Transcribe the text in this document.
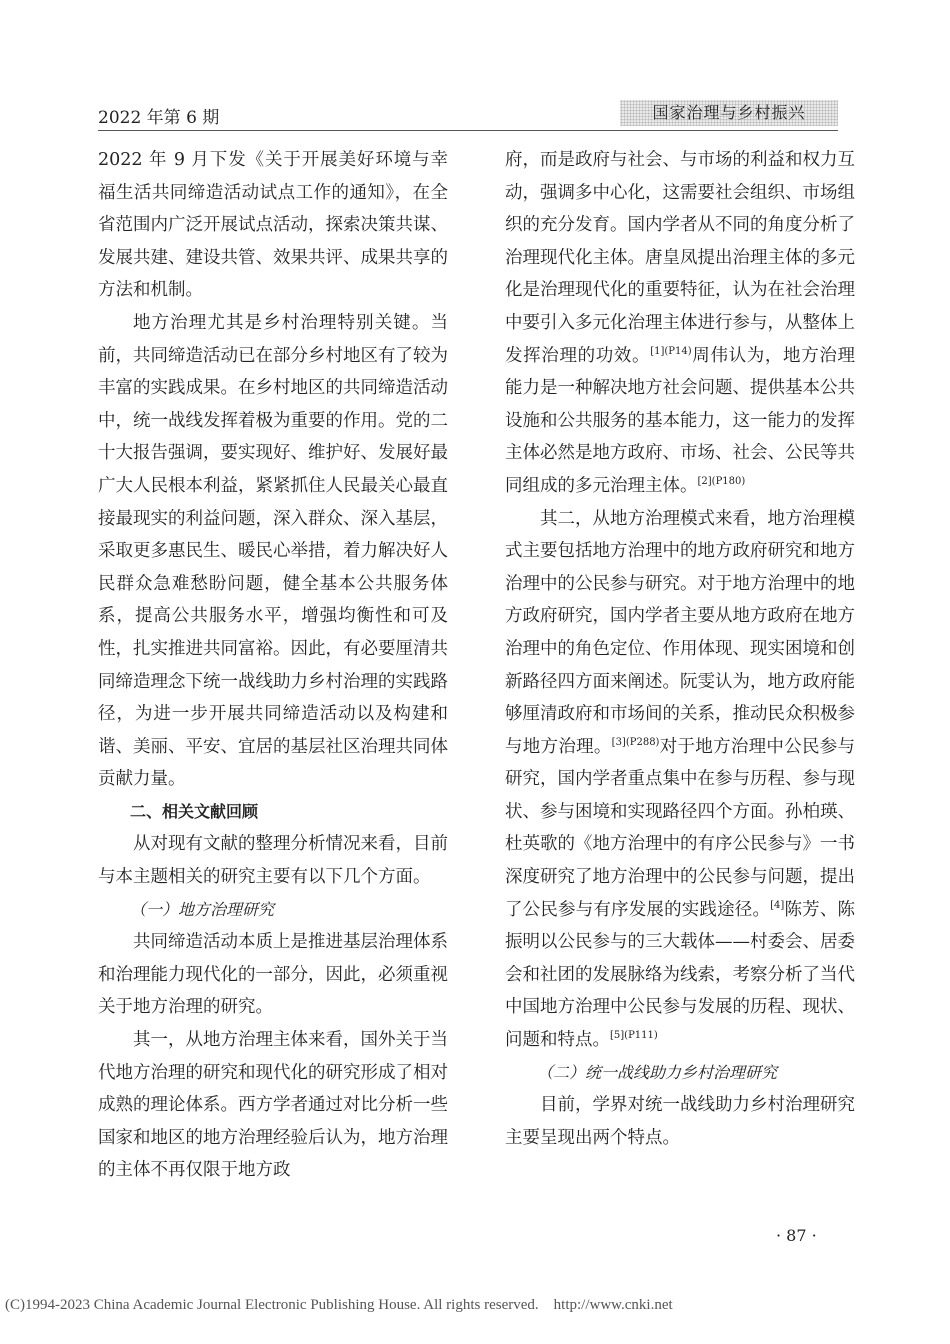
2022 年第 6 期	国家治理与乡村振兴

2022 年 9 月下发《关于开展美好环境与幸福生活共同缔造活动试点工作的通知》，在全省范围内广泛开展试点活动，探索决策共谋、发展共建、建设共管、效果共评、成果共享的方法和机制。

地方治理尤其是乡村治理特别关键。当前，共同缔造活动已在部分乡村地区有了较为丰富的实践成果。在乡村地区的共同缔造活动中，统一战线发挥着极为重要的作用。党的二十大报告强调，要实现好、维护好、发展好最广大人民根本利益，紧紧抓住人民最关心最直接最现实的利益问题，深入群众、深入基层，采取更多惠民生、暖民心举措，着力解决好人民群众急难愁盼问题，健全基本公共服务体系，提高公共服务水平，增强均衡性和可及性，扎实推进共同富裕。因此，有必要厘清共同缔造理念下统一战线助力乡村治理的实践路径，为进一步开展共同缔造活动以及构建和谐、美丽、平安、宜居的基层社区治理共同体贡献力量。

二、相关文献回顾

从对现有文献的整理分析情况来看，目前与本主题相关的研究主要有以下几个方面。

（一）地方治理研究

共同缔造活动本质上是推进基层治理体系和治理能力现代化的一部分，因此，必须重视关于地方治理的研究。

其一，从地方治理主体来看，国外关于当代地方治理的研究和现代化的研究形成了相对成熟的理论体系。西方学者通过对比分析一些国家和地区的地方治理经验后认为，地方治理的主体不再仅限于地方政

府，而是政府与社会、与市场的利益和权力互动，强调多中心化，这需要社会组织、市场组织的充分发育。国内学者从不同的角度分析了治理现代化主体。唐皇凤提出治理主体的多元化是治理现代化的重要特征，认为在社会治理中要引入多元化治理主体进行参与，从整体上发挥治理的功效。$^{[1](P14)}$周伟认为，地方治理能力是一种解决地方社会问题、提供基本公共设施和公共服务的基本能力，这一能力的发挥主体必然是地方政府、市场、社会、公民等共同组成的多元治理主体。$^{[2](P180)}$

其二，从地方治理模式来看，地方治理模式主要包括地方治理中的地方政府研究和地方治理中的公民参与研究。对于地方治理中的地方政府研究，国内学者主要从地方政府在地方治理中的角色定位、作用体现、现实困境和创新路径四方面来阐述。阮雯认为，地方政府能够厘清政府和市场间的关系，推动民众积极参与地方治理。$^{[3](P288)}$对于地方治理中公民参与研究，国内学者重点集中在参与历程、参与现状、参与困境和实现路径四个方面。孙柏瑛、杜英歌的《地方治理中的有序公民参与》一书深度研究了地方治理中的公民参与问题，提出了公民参与有序发展的实践途径。[4]陈芳、陈振明以公民参与的三大载体——村委会、居委会和社团的发展脉络为线索，考察分析了当代中国地方治理中公民参与发展的历程、现状、问题和特点。$^{[5](P111)}$

（二）统一战线助力乡村治理研究

目前，学界对统一战线助力乡村治理研究主要呈现出两个特点。

· 87 ·
(C)1994-2023 China Academic Journal Electronic Publishing House. All rights reserved.    http://www.cnki.net
